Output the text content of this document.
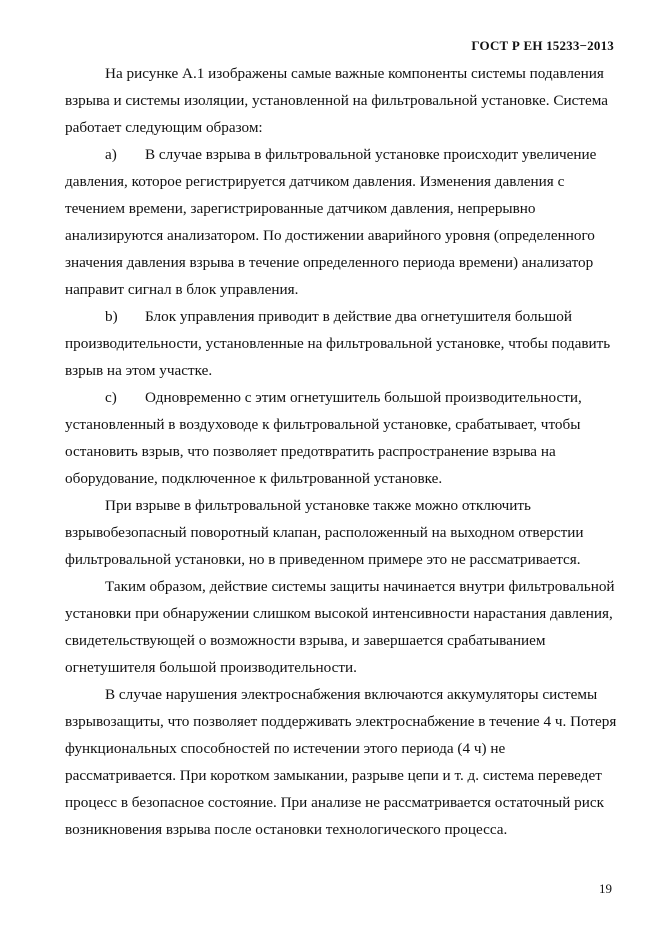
ГОСТ Р ЕН 15233−2013

На рисунке А.1 изображены самые важные компоненты системы подавления взрыва и системы изоляции, установленной на фильтровальной установке. Система работает следующим образом:

а) В случае взрыва в фильтровальной установке происходит увеличение давления, которое регистрируется датчиком давления. Изменения давления с течением времени, зарегистрированные датчиком давления, непрерывно анализируются анализатором. По достижении аварийного уровня (определенного значения давления взрыва в течение определенного периода времени) анализатор направит сигнал в блок управления.

b) Блок управления приводит в действие два огнетушителя большой производительности, установленные на фильтровальной установке, чтобы подавить взрыв на этом участке.

с) Одновременно с этим огнетушитель большой производительности, установленный в воздуховоде к фильтровальной установке, срабатывает, чтобы остановить взрыв, что позволяет предотвратить распространение взрыва на оборудование, подключенное к фильтрованной установке.

При взрыве в фильтровальной установке также можно отключить взрывобезопасный поворотный клапан, расположенный на выходном отверстии фильтровальной установки, но в приведенном примере это не рассматривается.

Таким образом, действие системы защиты начинается внутри фильтровальной установки при обнаружении слишком высокой интенсивности нарастания давления, свидетельствующей о возможности взрыва, и завершается срабатыванием огнетушителя большой производительности.

В случае нарушения электроснабжения включаются аккумуляторы системы взрывозащиты, что позволяет поддерживать электроснабжение в течение 4 ч. Потеря функциональных способностей по истечении этого периода (4 ч) не рассматривается. При коротком замыкании, разрыве цепи и т. д. система переведет процесс в безопасное состояние. При анализе не рассматривается остаточный риск возникновения взрыва после остановки технологического процесса.

19
